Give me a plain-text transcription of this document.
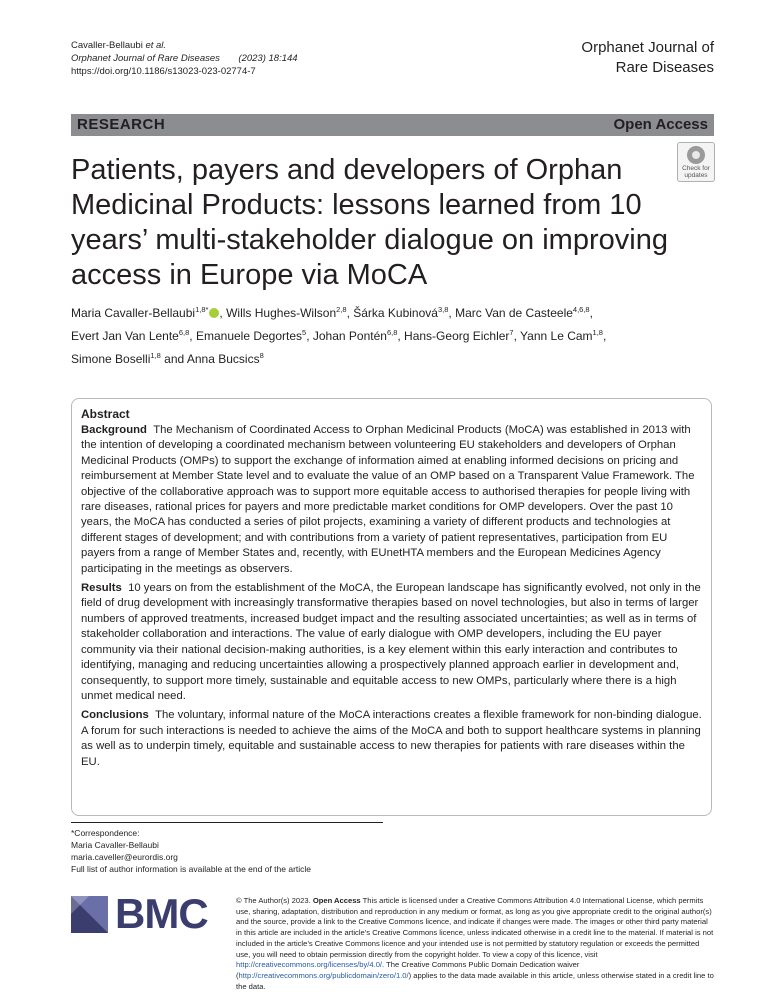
Cavaller-Bellaubi et al.
Orphanet Journal of Rare Diseases (2023) 18:144
https://doi.org/10.1186/s13023-023-02774-7
Orphanet Journal of
Rare Diseases
RESEARCH	Open Access
Check for
updates
Patients, payers and developers of Orphan Medicinal Products: lessons learned from 10 years’ multi-stakeholder dialogue on improving access in Europe via MoCA
Maria Cavaller-Bellaubi$^{1,8*}$ , Wills Hughes-Wilson$^{2,8}$, Šárka Kubinová$^{3,8}$, Marc Van de Casteele$^{4,6,8}$,
Evert Jan Van Lente$^{6,8}$, Emanuele Degortes$^5$, Johan Pontén$^{6,8}$, Hans-Georg Eichler$^7$, Yann Le Cam$^{1,8}$,
Simone Boselli$^{1,8}$ and Anna Bucsics$^8$
Abstract

Background The Mechanism of Coordinated Access to Orphan Medicinal Products (MoCA) was established in 2013 with the intention of developing a coordinated mechanism between volunteering EU stakeholders and developers of Orphan Medicinal Products (OMPs) to support the exchange of information aimed at enabling informed decisions on pricing and reimbursement at Member State level and to evaluate the value of an OMP based on a Transparent Value Framework. The objective of the collaborative approach was to support more equitable access to authorised therapies for people living with rare diseases, rational prices for payers and more predictable market conditions for OMP developers. Over the past 10 years, the MoCA has conducted a series of pilot projects, examining a variety of different products and technologies at different stages of development; and with contributions from a variety of patient representatives, participation from EU payers from a range of Member States and, recently, with EUnetHTA members and the European Medicines Agency participating in the meetings as observers.

Results 10 years on from the establishment of the MoCA, the European landscape has significantly evolved, not only in the field of drug development with increasingly transformative therapies based on novel technologies, but also in terms of larger numbers of approved treatments, increased budget impact and the resulting associated uncertainties; as well as in terms of stakeholder collaboration and interactions. The value of early dialogue with OMP developers, including the EU payer community via their national decision-making authorities, is a key element within this early interaction and contributes to identifying, managing and reducing uncertainties allowing a prospectively planned approach earlier in development and, consequently, to support more timely, sustainable and equitable access to new OMPs, particularly where there is a high unmet medical need.

Conclusions The voluntary, informal nature of the MoCA interactions creates a flexible framework for non-binding dialogue. A forum for such interactions is needed to achieve the aims of the MoCA and both to support healthcare systems in planning as well as to underpin timely, equitable and sustainable access to new therapies for patients with rare diseases within the EU.

*Correspondence:
Maria Cavaller-Bellaubi
maria.caveller@eurordis.org
Full list of author information is available at the end of the article
BMC	© The Author(s) 2023. Open Access This article is licensed under a Creative Commons Attribution 4.0 International License, which permits use, sharing, adaptation, distribution and reproduction in any medium or format, as long as you give appropriate credit to the original author(s) and the source, provide a link to the Creative Commons licence, and indicate if changes were made. The images or other third party material in this article are included in the article’s Creative Commons licence, unless indicated otherwise in a credit line to the material. If material is not included in the article’s Creative Commons licence and your intended use is not permitted by statutory regulation or exceeds the permitted use, you will need to obtain permission directly from the copyright holder. To view a copy of this licence, visit http://creativecommons.org/licenses/by/4.0/. The Creative Commons Public Domain Dedication waiver (http://creativecommons.org/publicdomain/zero/1.0/) applies to the data made available in this article, unless otherwise stated in a credit line to the data.
